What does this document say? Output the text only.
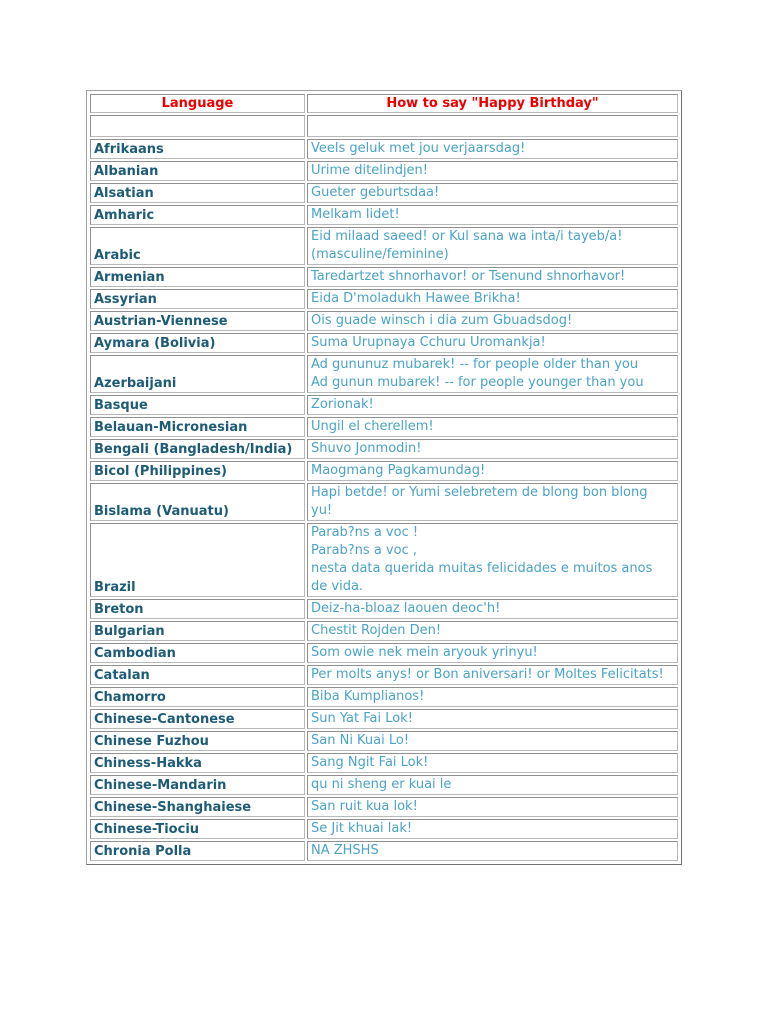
Language	How to say "Happy Birthday"

Afrikaans	Veels geluk met jou verjaarsdag!
Albanian	Urime ditelindjen!
Alsatian	Gueter geburtsdaa!
Amharic	Melkam lidet!
Arabic	Eid milaad saeed! or Kul sana wa inta/i tayeb/a!
(masculine/feminine)
Armenian	Taredartzet shnorhavor! or Tsenund shnorhavor!
Assyrian	Eida D'moladukh Hawee Brikha!
Austrian-Viennese	Ois guade winsch i dia zum Gbuadsdog!
Aymara (Bolivia)	Suma Urupnaya Cchuru Uromankja!
Azerbaijani	Ad gununuz mubarek! -- for people older than you
Ad gunun mubarek! -- for people younger than you
Basque	Zorionak!
Belauan-Micronesian	Ungil el cherellem!
Bengali (Bangladesh/India)	Shuvo Jonmodin!
Bicol (Philippines)	Maogmang Pagkamundag!
Bislama (Vanuatu)	Hapi betde! or Yumi selebretem de blong bon blong
yu!
Brazil	Parab?ns a voc !
Parab?ns a voc ,
nesta data querida muitas felicidades e muitos anos
de vida.
Breton	Deiz-ha-bloaz laouen deoc'h!
Bulgarian	Chestit Rojden Den!
Cambodian	Som owie nek mein aryouk yrinyu!
Catalan	Per molts anys! or Bon aniversari! or Moltes Felicitats!
Chamorro	Biba Kumplianos!
Chinese-Cantonese	Sun Yat Fai Lok!
Chinese Fuzhou	San Ni Kuai Lo!
Chiness-Hakka	Sang Ngit Fai Lok!
Chinese-Mandarin	qu ni sheng er kuai le
Chinese-Shanghaiese	San ruit kua lok!
Chinese-Tiociu	Se Jit khuai lak!
Chronia Polla	NA ZHSHS
